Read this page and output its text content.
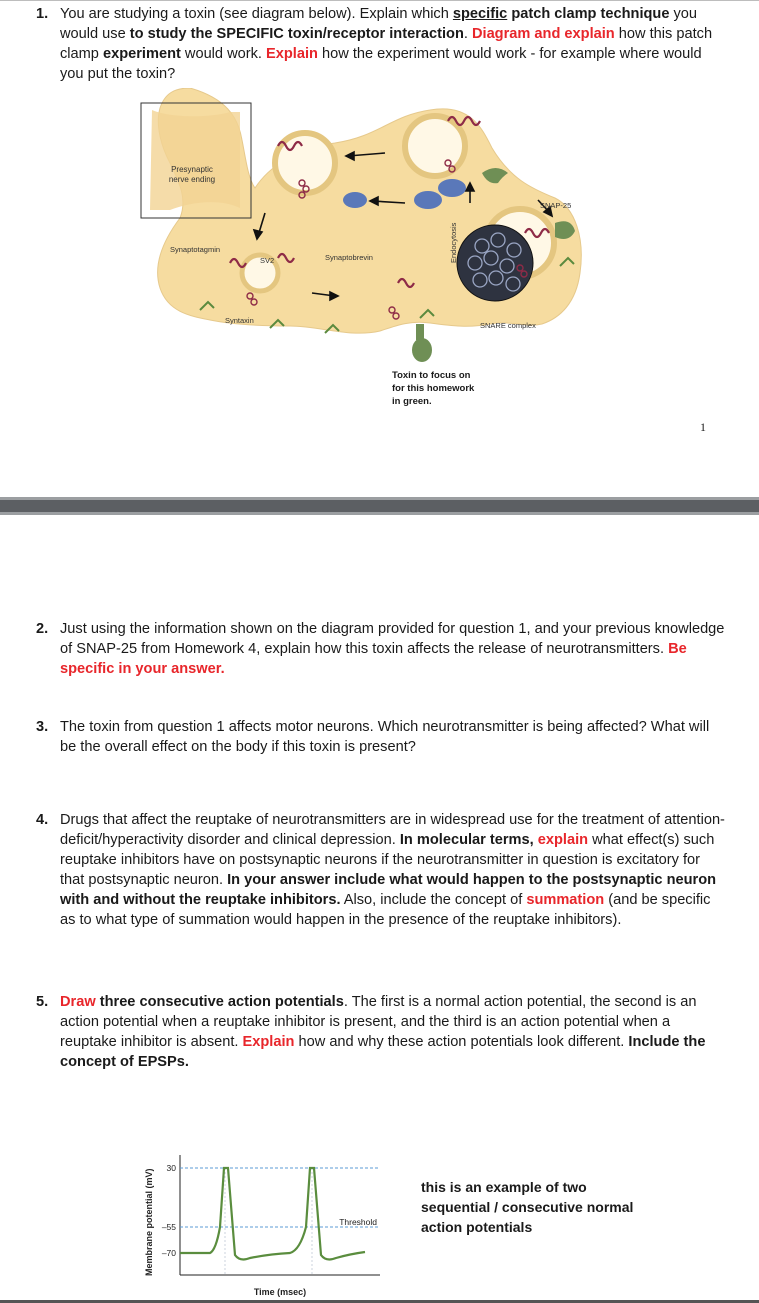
1. You are studying a toxin (see diagram below). Explain which specific patch clamp technique you would use to study the SPECIFIC toxin/receptor interaction. Diagram and explain how this patch clamp experiment would work. Explain how the experiment would work - for example where would you put the toxin?
Presynaptic
nerve ending
Synaptotagmin
SV2	Synaptobrevin
Syntaxin
Endocytosis
SNAP-25
SNARE complex
Toxin to focus on
for this homework
in green.
1
2. Just using the information shown on the diagram provided for question 1, and your previous knowledge of SNAP-25 from Homework 4, explain how this toxin affects the release of neurotransmitters. Be specific in your answer.
3. The toxin from question 1 affects motor neurons. Which neurotransmitter is being affected? What will be the overall effect on the body if this toxin is present?
4. Drugs that affect the reuptake of neurotransmitters are in widespread use for the treatment of attention-deficit/hyperactivity disorder and clinical depression. In molecular terms, explain what effect(s) such reuptake inhibitors have on postsynaptic neurons if the neurotransmitter in question is excitatory for that postsynaptic neuron. In your answer include what would happen to the postsynaptic neuron with and without the reuptake inhibitors. Also, include the concept of summation (and be specific as to what type of summation would happen in the presence of the reuptake inhibitors).
5. Draw three consecutive action potentials. The first is a normal action potential, the second is an action potential when a reuptake inhibitor is present, and the third is an action potential when a reuptake inhibitor is absent. Explain how and why these action potentials look different. Include the concept of EPSPs.
Membrane potential (mV)
30
–55
–70
Threshold
Time (msec)
this is an example of two sequential / consecutive normal action potentials
